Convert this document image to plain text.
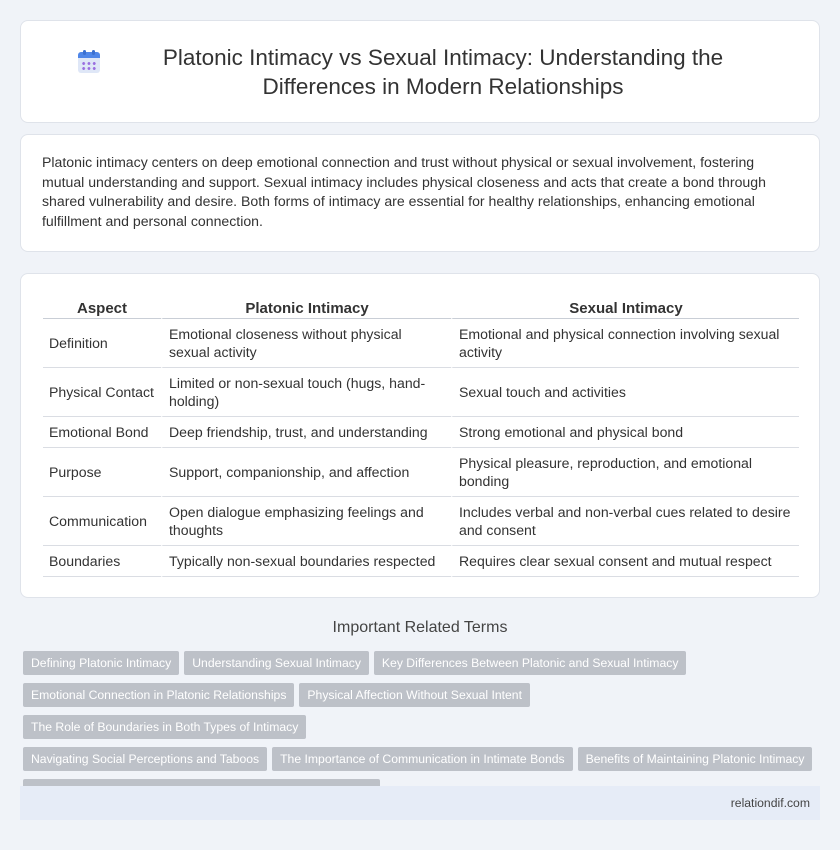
Platonic Intimacy vs Sexual Intimacy: Understanding the Differences in Modern Relationships

Platonic intimacy centers on deep emotional connection and trust without physical or sexual involvement, fostering mutual understanding and support. Sexual intimacy includes physical closeness and acts that create a bond through shared vulnerability and desire. Both forms of intimacy are essential for healthy relationships, enhancing emotional fulfillment and personal connection.

Aspect	Platonic Intimacy	Sexual Intimacy
Definition	Emotional closeness without physical sexual activity	Emotional and physical connection involving sexual activity
Physical Contact	Limited or non-sexual touch (hugs, hand-holding)	Sexual touch and activities
Emotional Bond	Deep friendship, trust, and understanding	Strong emotional and physical bond
Purpose	Support, companionship, and affection	Physical pleasure, reproduction, and emotional bonding
Communication	Open dialogue emphasizing feelings and thoughts	Includes verbal and non-verbal cues related to desire and consent
Boundaries	Typically non-sexual boundaries respected	Requires clear sexual consent and mutual respect
Important Related Terms
Defining Platonic Intimacy Understanding Sexual Intimacy Key Differences Between Platonic and Sexual Intimacy
Emotional Connection in Platonic Relationships Physical Affection Without Sexual IntentThe Role of Boundaries in Both Types of Intimacy
Navigating Social Perceptions and Taboos The Importance of Communication in Intimate Bonds Benefits of Maintaining Platonic Intimacy

relationdif.com
